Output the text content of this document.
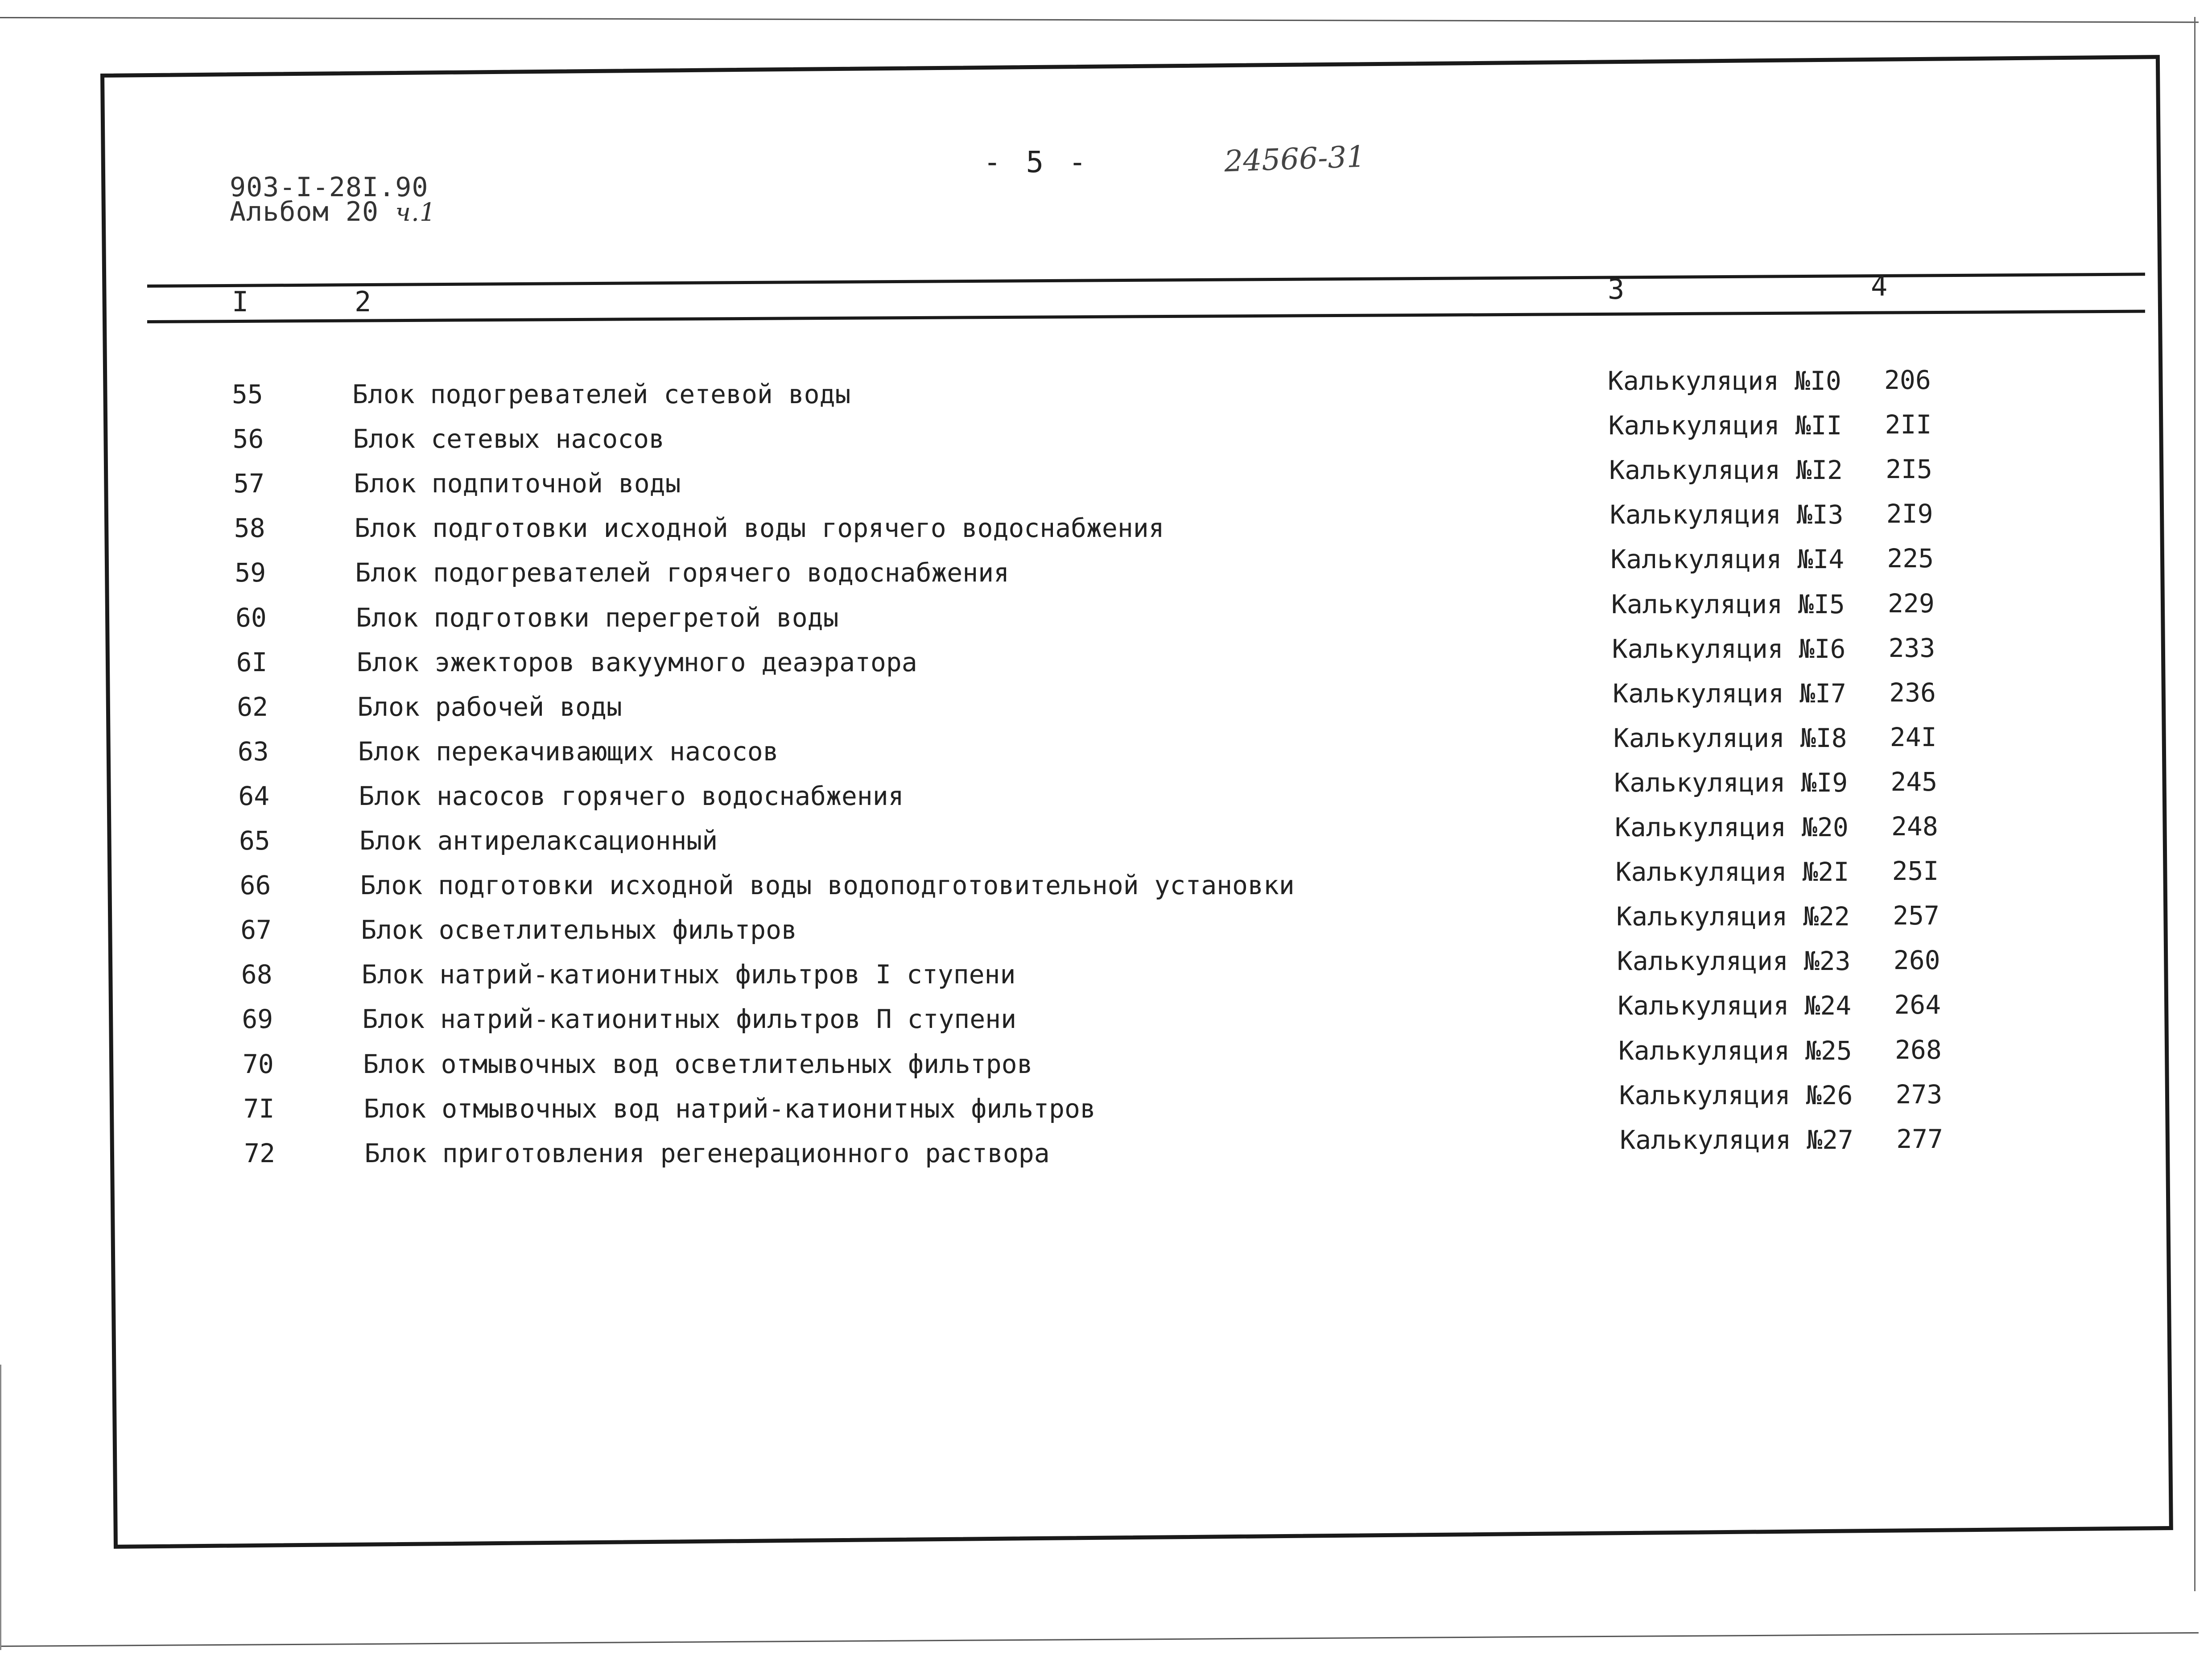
903-I-28I.90
Альбом 20 ч.1
- 5 -	24566-31
I	2	3	4
55	Блок подогревателей сетевой воды	Калькуляция №I0 206
56	Блок сетевых насосов	Калькуляция №II 2II
57	Блок подпиточной воды	Калькуляция №I2 2I5
58	Блок подготовки исходной воды горячего водоснабжения	Калькуляция №I3 2I9
59	Блок подогревателей горячего водоснабжения	Калькуляция №I4 225
60	Блок подготовки перегретой воды	Калькуляция №I5 229
6I	Блок эжекторов вакуумного деаэратора	Калькуляция №I6 233
62	Блок рабочей воды	Калькуляция №I7 236
63	Блок перекачивающих насосов	Калькуляция №I8 24I
64	Блок насосов горячего водоснабжения	Калькуляция №I9 245
65	Блок антирелаксационный	Калькуляция №20 248
66	Блок подготовки исходной воды водоподготовительной установки	Калькуляция №2I 25I
67	Блок осветлительных фильтров	Калькуляция №22 257
68	Блок натрий-катионитных фильтров I ступени	Калькуляция №23 260
69	Блок натрий-катионитных фильтров П ступени	Калькуляция №24 264
70	Блок отмывочных вод осветлительных фильтров	Калькуляция №25 268
7I	Блок отмывочных вод натрий-катионитных фильтров	Калькуляция №26 273
72	Блок приготовления регенерационного раствора	Калькуляция №27 277
